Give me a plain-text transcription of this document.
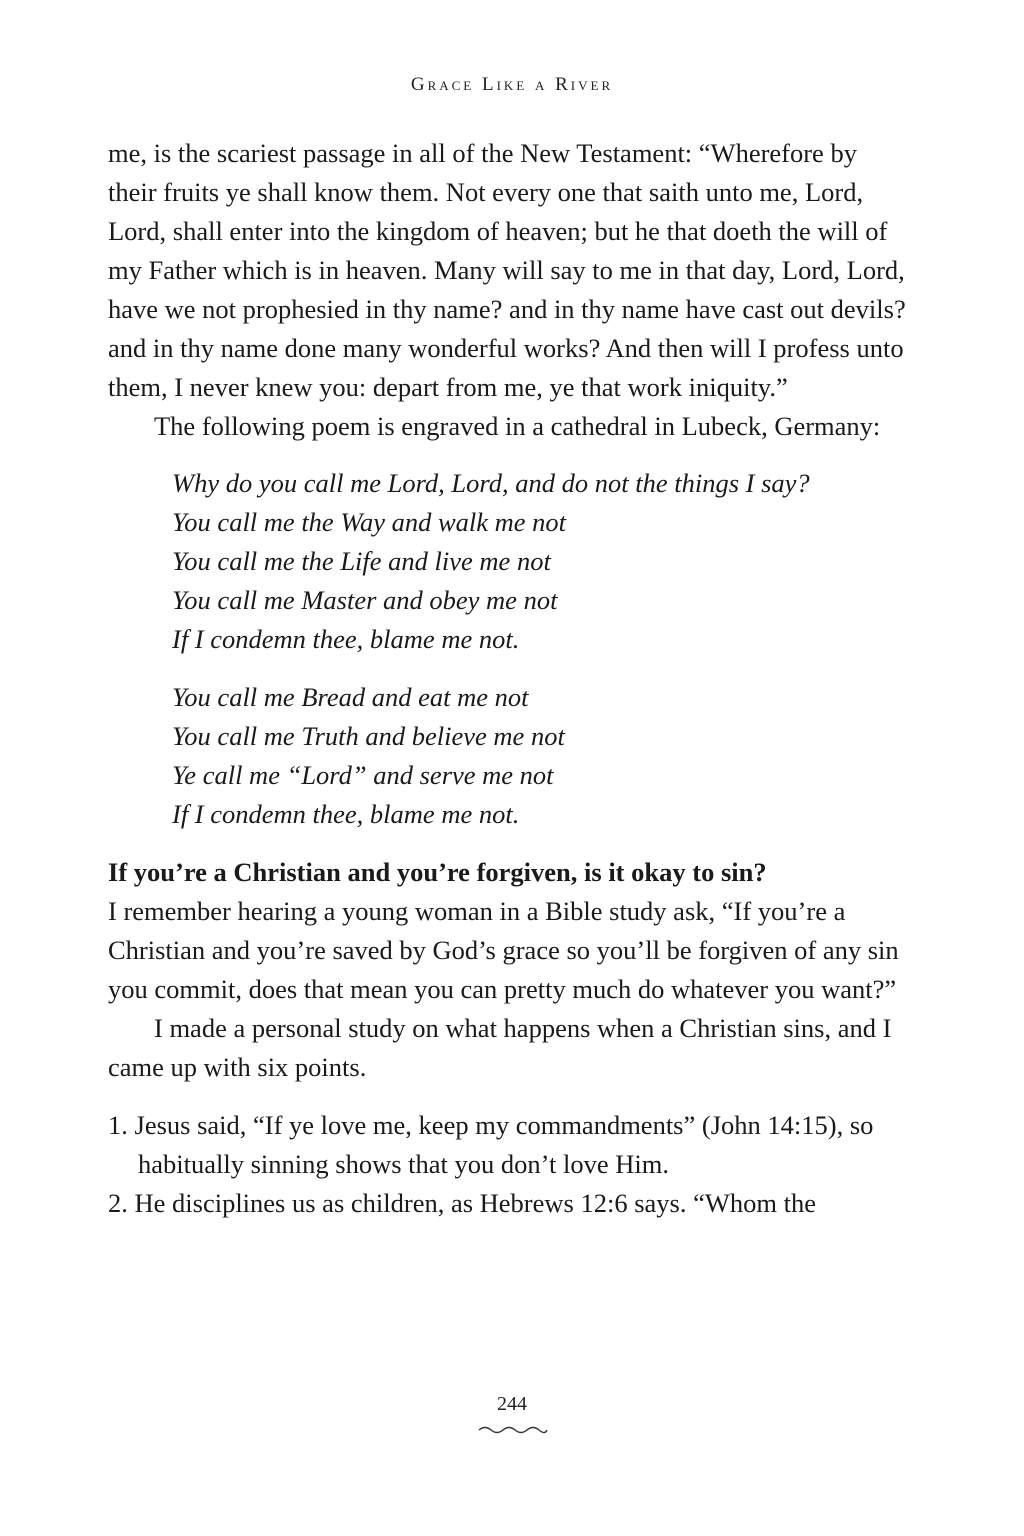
Grace Like a River

me, is the scariest passage in all of the New Testament: “Wherefore by their fruits ye shall know them. Not every one that saith unto me, Lord, Lord, shall enter into the kingdom of heaven; but he that doeth the will of my Father which is in heaven. Many will say to me in that day, Lord, Lord, have we not prophesied in thy name? and in thy name have cast out devils? and in thy name done many wonderful works? And then will I profess unto them, I never knew you: depart from me, ye that work iniquity.”

The following poem is engraved in a cathedral in Lubeck, Germany:

Why do you call me Lord, Lord, and do not the things I say?
You call me the Way and walk me not
You call me the Life and live me not
You call me Master and obey me not
If I condemn thee, blame me not.

You call me Bread and eat me not
You call me Truth and believe me not
Ye call me “Lord” and serve me not
If I condemn thee, blame me not.

If you’re a Christian and you’re forgiven, is it okay to sin?

I remember hearing a young woman in a Bible study ask, “If you’re a Christian and you’re saved by God’s grace so you’ll be forgiven of any sin you commit, does that mean you can pretty much do whatever you want?”

I made a personal study on what happens when a Christian sins, and I came up with six points.

1. Jesus said, “If ye love me, keep my commandments” (John 14:15), so habitually sinning shows that you don’t love Him.
2. He disciplines us as children, as Hebrews 12:6 says. “Whom the
244
